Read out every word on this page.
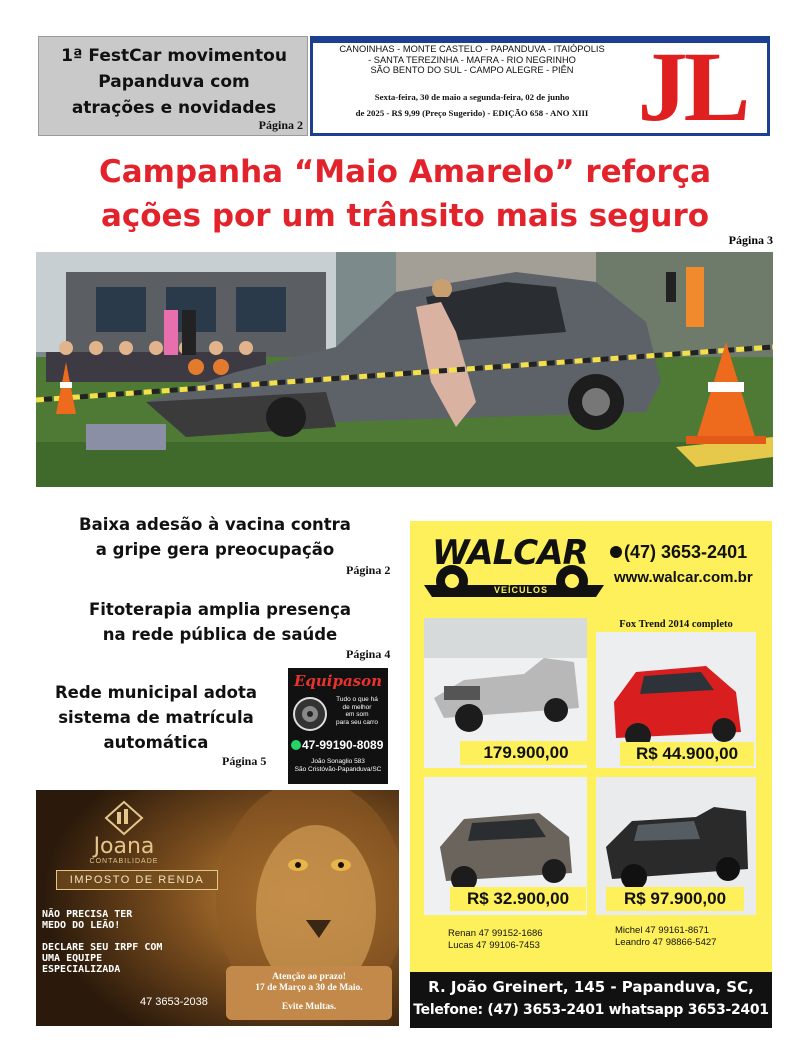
1ª FestCar movimentou
Papanduva com
atrações e novidades
Página 2
CANOINHAS - MONTE CASTELO - PAPANDUVA - ITAIÓPOLIS
- SANTA TEREZINHA - MAFRA - RIO NEGRINHO
SÃO BENTO DO SUL - CAMPO ALEGRE - PIÊN
Sexta-feira, 30 de maio a segunda-feira, 02 de junho
de 2025 - R$ 9,99 (Preço Sugerido) - EDIÇÃO 658 - ANO XIII JL
Campanha “Maio Amarelo” reforça
ações por um trânsito mais seguro
Página 3
Baixa adesão à vacina contra
a gripe gera preocupação
Página 2
Fitoterapia amplia presença
na rede pública de saúde
Página 4
Rede municipal adota
sistema de matrícula
automática
Página 5
Equipason
Tudo o que há
de melhor
em som
para seu carro
47-99190-8089
João Sonaglio 583
São Cristóvão-Papanduva/SC
Joana
CONTABILIDADE
IMPOSTO DE RENDA
NÃO PRECISA TER
MEDO DO LEÃO!
DECLARE SEU IRPF COM
UMA EQUIPE
ESPECIALIZADA
47 3653-2038
Atenção ao prazo!
17 de Março a 30 de Maio.
Evite Multas.
WALCAR
VEÍCULOS
(47) 3653-2401
www.walcar.com.br
179.900,00
Fox Trend 2014 completo
R$ 44.900,00
R$ 32.900,00	R$ 97.900,00
Renan 47 99152-1686
Lucas 47 99106-7453
Michel 47 99161-8671
Leandro 47 98866-5427
R. João Greinert, 145 - Papanduva, SC,
Telefone: (47) 3653-2401 whatsapp 3653-2401
